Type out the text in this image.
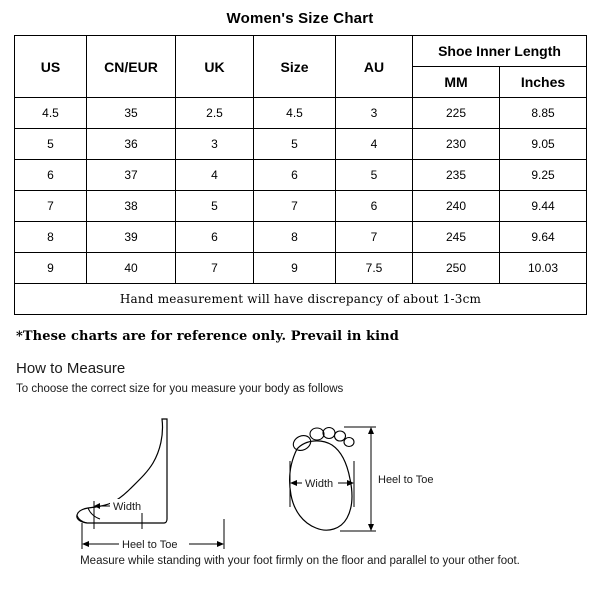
Women's Size Chart
US	CN/EUR	UK	Size	AU	Shoe Inner Length	
					MM	Inches
4.5	35	2.5	4.5	3	225	8.85
5	36	3	5	4	230	9.05
6	37	4	6	5	235	9.25
7	38	5	7	6	240	9.44
8	39	6	8	7	245	9.64
9	40	7	9	7.5	250	10.03
Hand measurement will have discrepancy of about 1-3cm						
*These charts are for reference only. Prevail in kind
How to Measure
To choose the correct size for you measure your body as follows
Width
Heel to Toe
Width	Heel to Toe
Measure while standing with your foot firmly on the floor and parallel to your other foot.
